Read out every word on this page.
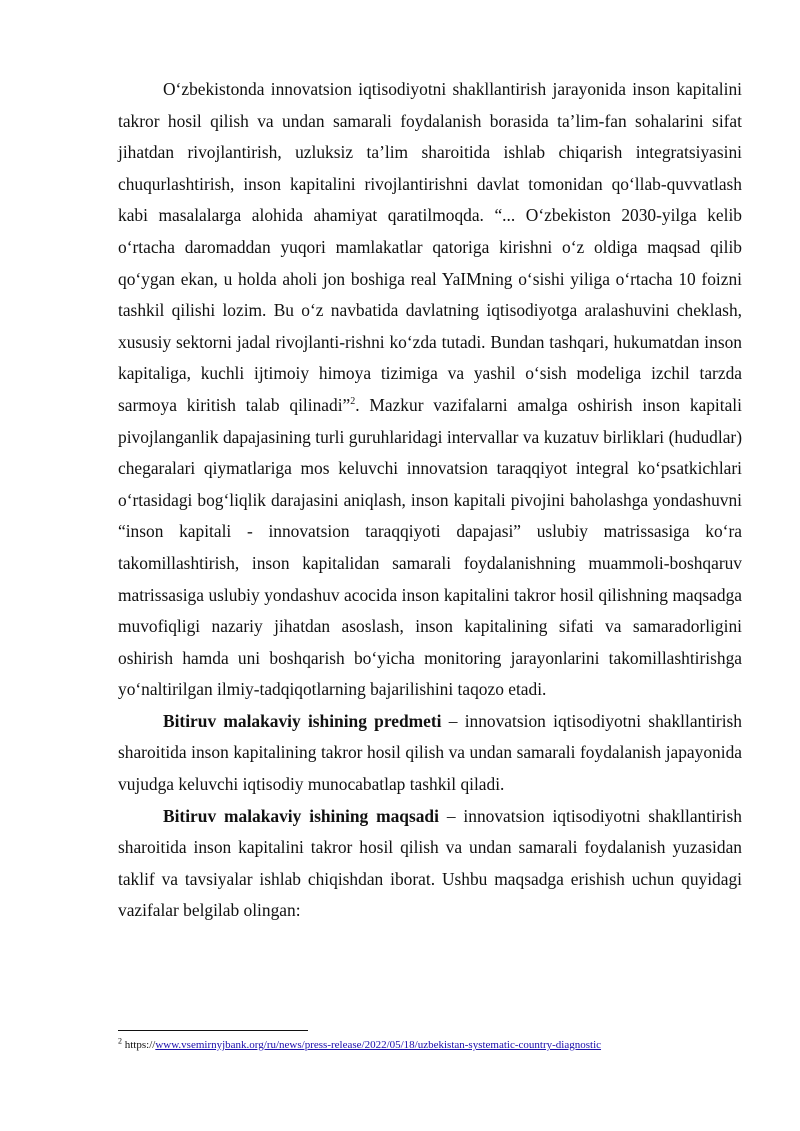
O‘zbekistonda innovatsion iqtisodiyotni shakllantirish jarayonida inson kapitalini takror hosil qilish va undan samarali foydalanish borasida ta’lim-fan sohalarini sifat jihatdan rivojlantirish, uzluksiz ta’lim sharoitida ishlab chiqarish integratsiyasini chuqurlashtirish, inson kapitalini rivojlantirishni davlat tomonidan qo‘llab-quvvatlash kabi masalalarga alohida ahamiyat qaratilmoqda. “... O‘zbekiston 2030-yilga kelib o‘rtacha daromaddan yuqori mamlakatlar qatoriga kirishni o‘z oldiga maqsad qilib qo‘ygan ekan, u holda aholi jon boshiga real YaIMning o‘sishi yiliga o‘rtacha 10 foizni tashkil qilishi lozim. Bu o‘z navbatida davlatning iqtisodiyotga aralashuvini cheklash, xususiy sektorni jadal rivojlanti-rishni ko‘zda tutadi. Bundan tashqari, hukumatdan inson kapitaliga, kuchli ijtimoiy himoya tizimiga va yashil o‘sish modeliga izchil tarzda sarmoya kiritish talab qilinadi”$^2$. Mazkur vazifalarni amalga oshirish inson kapitali pivojlanganlik dapajasining turli guruhlaridagi intervallar va kuzatuv birliklari (hududlar) chegaralari qiymatlariga mos keluvchi innovatsion taraqqiyot integral ko‘psatkichlari o‘rtasidagi bog‘liqlik darajasini aniqlash, inson kapitali pivojini baholashga yondashuvni “inson kapitali - innovatsion taraqqiyoti dapajasi” uslubiy matrissasiga ko‘ra takomillashtirish, inson kapitalidan samarali foydalanishning muammoli-boshqaruv matrissasiga uslubiy yondashuv acocida inson kapitalini takror hosil qilishning maqsadga muvofiqligi nazariy jihatdan asoslash, inson kapitalining sifati va samaradorligini oshirish hamda uni boshqarish bo‘yicha monitoring jarayonlarini takomillashtirishga yo‘naltirilgan ilmiy-tadqiqotlarning bajarilishini taqozo etadi.

Bitiruv malakaviy ishining predmeti – innovatsion iqtisodiyotni shakllantirish sharoitida inson kapitalining takror hosil qilish va undan samarali foydalanish japayonida vujudga keluvchi iqtisodiy munocabatlap tashkil qiladi.

Bitiruv malakaviy ishining maqsadi – innovatsion iqtisodiyotni shakllantirish sharoitida inson kapitalini takror hosil qilish va undan samarali foydalanish yuzasidan taklif va tavsiyalar ishlab chiqishdan iborat. Ushbu maqsadga erishish uchun quyidagi vazifalar belgilab olingan:

$^2$ https://www.vsemirnyjbank.org/ru/news/press-release/2022/05/18/uzbekistan-systematic-country-diagnostic
